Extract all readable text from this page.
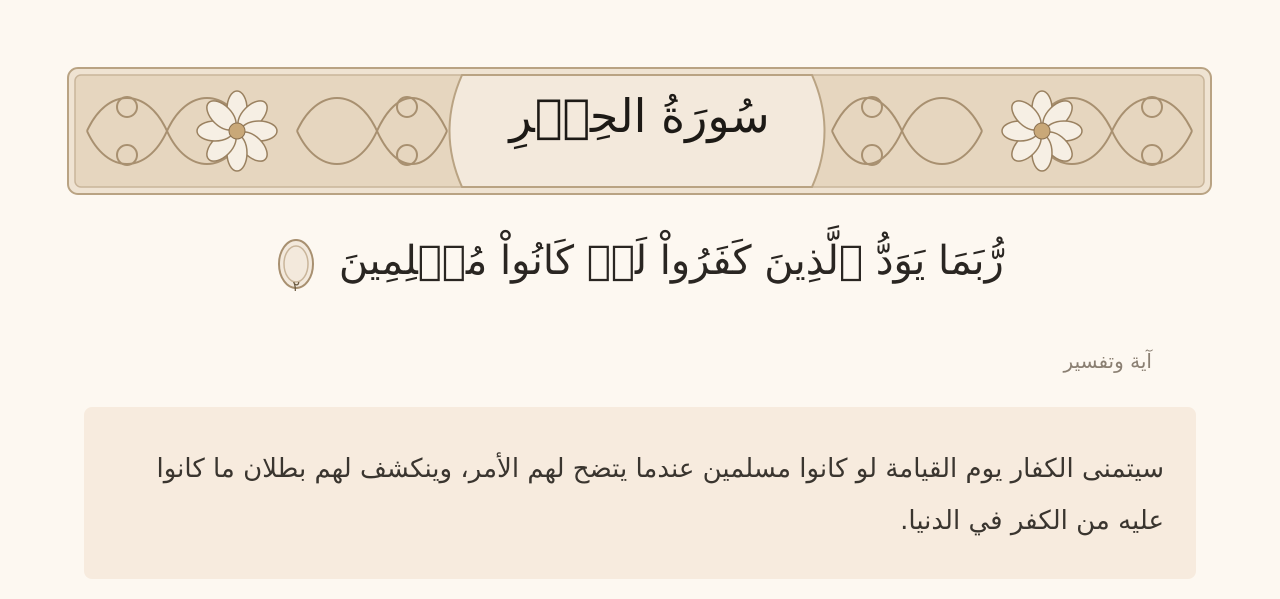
سُورَةُ الحِجۡرِ
رُّبَمَا يَوَدُّ ٱلَّذِينَ كَفَرُواْ لَوۡ كَانُواْ مُسۡلِمِينَ
٢
آية وتفسير
سيتمنى الكفار يوم القيامة لو كانوا مسلمين عندما يتضح لهم الأمر، وينكشف لهم بطلان ما كانوا عليه من الكفر في الدنيا.
